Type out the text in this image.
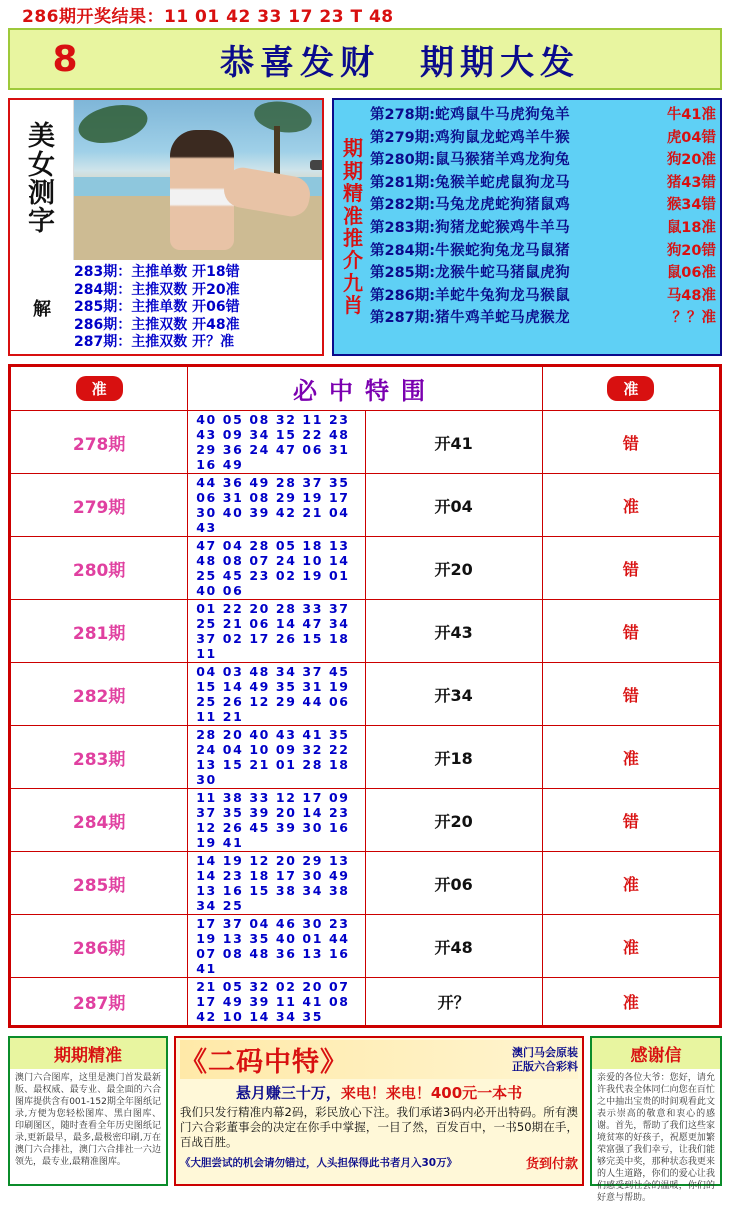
286期开奖结果：11 01 42 33 17 23 T 48
8	恭喜发财　期期大发
美
女
测
字
解
283期：主推单数 开18错
284期：主推双数 开20准
285期：主推单数 开06错
286期：主推双数 开48准
287期：主推双数 开？准
期
期
精
准
推
介
九
肖
第278期: 蛇鸡鼠牛马虎狗兔羊	牛41准
第279期: 鸡狗鼠龙蛇鸡羊牛猴	虎04错
第280期: 鼠马猴猪羊鸡龙狗兔	狗20准
第281期: 兔猴羊蛇虎鼠狗龙马	猪43错
第282期: 马兔龙虎蛇狗猪鼠鸡	猴34错
第283期: 狗猪龙蛇猴鸡牛羊马	鼠18准
第284期: 牛猴蛇狗兔龙马鼠猪	狗20错
第285期: 龙猴牛蛇马猪鼠虎狗	鼠06准
第286期: 羊蛇牛兔狗龙马猴鼠	马48准
第287期: 猪牛鸡羊蛇马虎猴龙	？？准
准	必中特围		准
278期	40 05 08 32 11 23 43 09 34 15 22 48 29 36 24 47 06 31 16 49	开41	错
279期	44 36 49 28 37 35 06 31 08 29 19 17 30 40 39 42 21 04 43	开04	准
280期	47 04 28 05 18 13 48 08 07 24 10 14 25 45 23 02 19 01 40 06	开20	错
281期	01 22 20 28 33 37 25 21 06 14 47 34 37 02 17 26 15 18 11	开43	错
282期	04 03 48 34 37 45 15 14 49 35 31 19 25 26 12 29 44 06 11 21	开34	错
283期	28 20 40 43 41 35 24 04 10 09 32 22 13 15 21 01 28 18 30	开18	准
284期	11 38 33 12 17 09 37 35 39 20 14 23 12 26 45 39 30 16 19 41	开20	错
285期	14 19 12 20 29 13 14 23 18 17 30 49 13 16 15 38 34 38 34 25	开06	准
286期	17 37 04 46 30 23 19 13 35 40 01 44 07 08 48 36 13 16 41	开48	准
287期	21 05 32 02 20 07 17 49 39 11 41 08 42 10 14 34 35	开？	准
期期精准
澳门六合图库，这里是澳门首发最新版、最权威、最专业、最全面的六合图库提供含有001-152期全年图纸记录,方便为您轻松图库、黑白图库、印刷图区，随时查看全年历史图纸记录,更新最早，最多,最极密印刷,万在澳门六合排社，澳门六合排社一六边领先，最专业,最精准图库。
《二码中特》	澳门马会原装
正版六合彩料
悬月赚三十万，来电！来电！400元一本书
我们只发行精准内幕2码，彩民放心下注。我们承诺3码内必开出特码。所有澳门六合彩董事会的决定在你手中掌握，一目了然，百发百中，一书50期在手，百战百胜。
《大胆尝试的机会请勿错过，人头担保得此书者月入30万》	货到付款
感谢信
亲爱的各位大爷：您好，请允许我代表全体同仁向您在百忙之中抽出宝贵的时间观看此文表示崇高的敬意和衷心的感谢。首先，帮助了我们这些家境贫寒的好孩子，祝愿更加繁荣富强了我们幸亏，让我们能够完美中奖，那种状态我更来的人生道路，你们的爱心让我们感受到社会的温暖，你们的好意与帮助。
